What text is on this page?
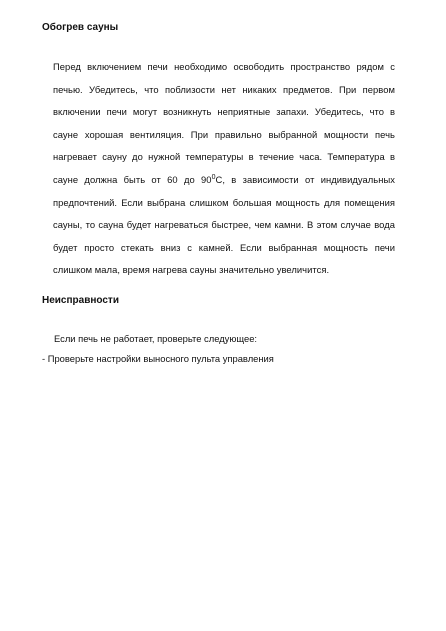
Обогрев сауны
Перед включением печи необходимо освободить пространство рядом с печью. Убедитесь, что поблизости нет никаких предметов. При первом включении печи могут возникнуть неприятные запахи. Убедитесь, что в сауне хорошая вентиляция. При правильно выбранной мощности печь нагревает сауну до нужной температуры в течение часа. Температура в сауне должна быть от 60 до $90^0С$, в зависимости от индивидуальных предпочтений. Если выбрана слишком большая мощность для помещения сауны, то сауна будет нагреваться быстрее, чем камни. В этом случае вода будет просто стекать вниз с камней. Если выбранная мощность печи слишком мала, время нагрева сауны значительно увеличится.
Неисправности
Если печь не работает, проверьте следующее:
- Проверьте настройки выносного пульта управления
